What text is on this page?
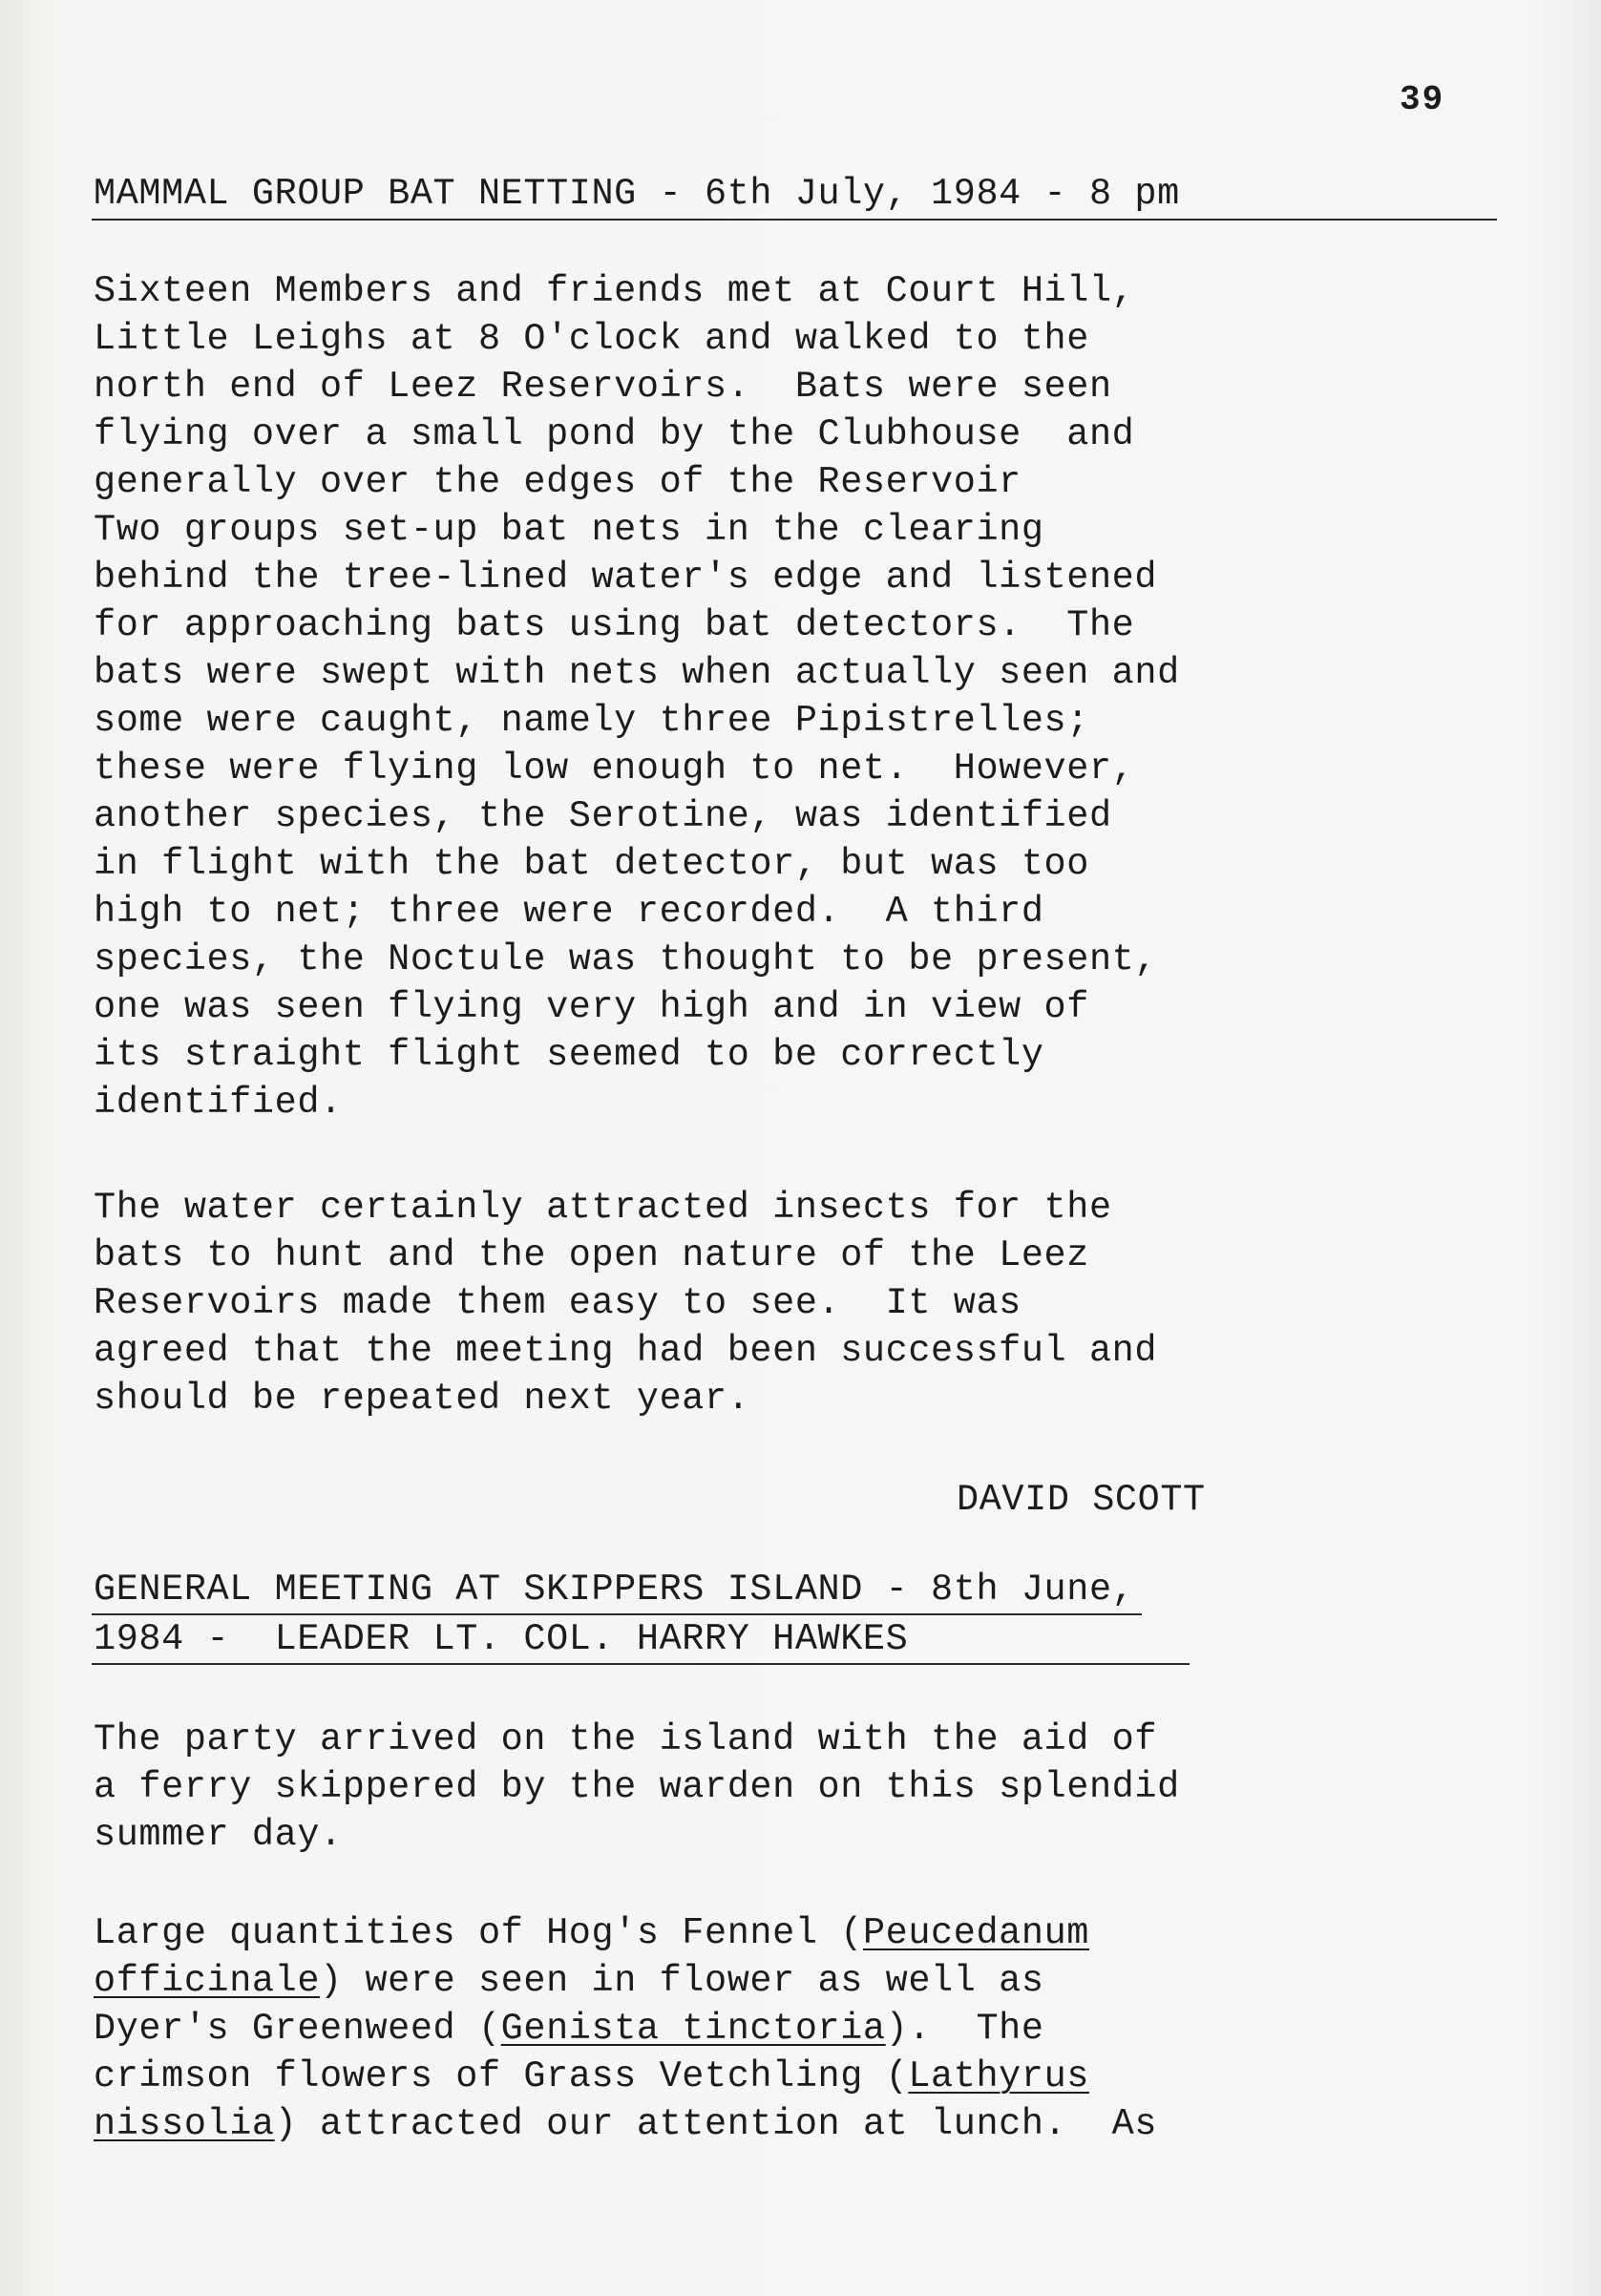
39
MAMMAL GROUP BAT NETTING - 6th July, 1984 - 8 pm
Sixteen Members and friends met at Court Hill,
Little Leighs at 8 O'clock and walked to the
north end of Leez Reservoirs.  Bats were seen
flying over a small pond by the Clubhouse  and
generally over the edges of the Reservoir
Two groups set-up bat nets in the clearing
behind the tree-lined water's edge and listened
for approaching bats using bat detectors.  The
bats were swept with nets when actually seen and
some were caught, namely three Pipistrelles;
these were flying low enough to net.  However,
another species, the Serotine, was identified
in flight with the bat detector, but was too
high to net; three were recorded.  A third
species, the Noctule was thought to be present,
one was seen flying very high and in view of
its straight flight seemed to be correctly
identified.
The water certainly attracted insects for the
bats to hunt and the open nature of the Leez
Reservoirs made them easy to see.  It was
agreed that the meeting had been successful and
should be repeated next year.
DAVID SCOTT
GENERAL MEETING AT SKIPPERS ISLAND - 8th June,
1984 -  LEADER LT. COL. HARRY HAWKES
The party arrived on the island with the aid of
a ferry skippered by the warden on this splendid
summer day.
Large quantities of Hog's Fennel (Peucedanum
officinale) were seen in flower as well as
Dyer's Greenweed (Genista tinctoria).  The
crimson flowers of Grass Vetchling (Lathyrus
nissolia) attracted our attention at lunch.  As
